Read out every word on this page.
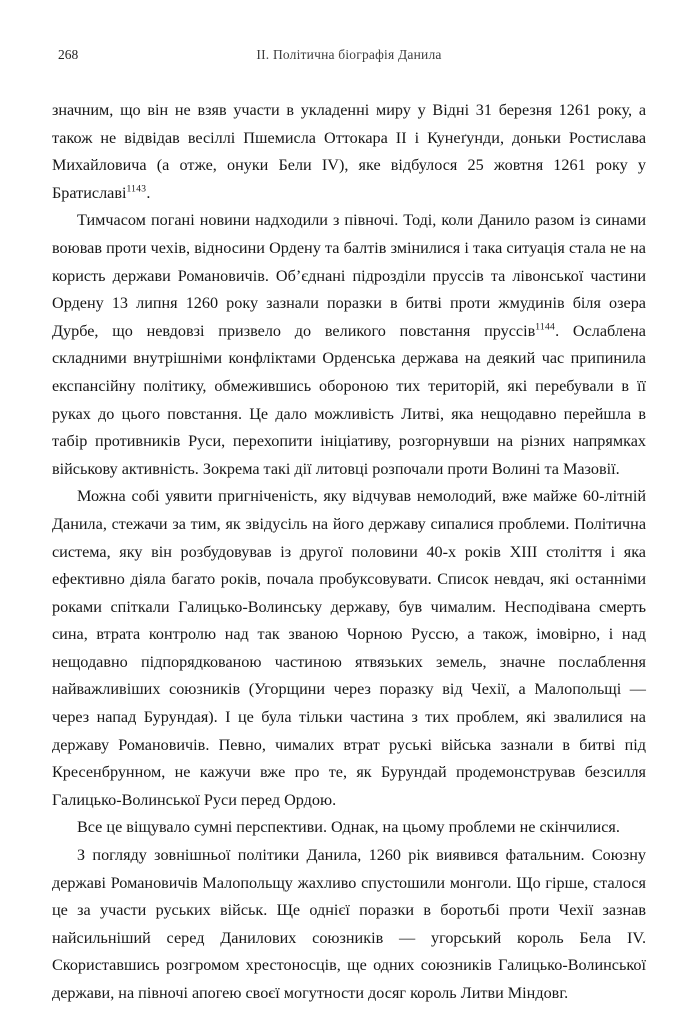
268	ІІ. Політична біографія Данила

значним, що він не взяв участи в укладенні миру у Відні 31 березня 1261 року, а також не відвідав весіллі Пшемисла Оттокара ІІ і Кунеґунди, доньки Ростислава Михайловича (а отже, онуки Бели IV), яке відбулося 25 жовтня 1261 року у Братиславі$^{1143}$.

Тимчасом погані новини надходили з півночі. Тоді, коли Данило разом із синами воював проти чехів, відносини Ордену та балтів змінилися і така ситуація стала не на користь держави Романовичів. Об’єднані підрозділи пруссів та лівонської частини Ордену 13 липня 1260 року зазнали поразки в битві проти жмудинів біля озера Дурбе, що невдовзі призвело до великого повстання пруссів$^{1144}$. Ослаблена складними внутрішніми конфліктами Орденська держава на деякий час припинила експансійну політику, обмежившись обороною тих територій, які перебували в її руках до цього повстання. Це дало можливість Литві, яка нещодавно перейшла в табір противників Руси, перехопити ініціативу, розгорнувши на різних напрямках військову активність. Зокрема такі дії литовці розпочали проти Волині та Мазовії.

Можна собі уявити пригніченість, яку відчував немолодий, вже майже 60-літній Данила, стежачи за тим, як звідусіль на його державу сипалися проблеми. Політична система, яку він розбудовував із другої половини 40-х років ХІІІ століття і яка ефективно діяла багато років, почала пробуксовувати. Список невдач, які останніми роками спіткали Галицько-Волинську державу, був чималим. Несподівана смерть сина, втрата контролю над так званою Чорною Руссю, а також, імовірно, і над нещодавно підпорядкованою частиною ятвязьких земель, значне послаблення найважливіших союзників (Угорщини через поразку від Чехії, а Малопольщі — через напад Бурундая). І це була тільки частина з тих проблем, які звалилися на державу Романовичів. Певно, чималих втрат руські війська зазнали в битві під Кресенбрунном, не кажучи вже про те, як Бурундай продемонстрував безсилля Галицько-Волинської Руси перед Ордою.

Все це віщувало сумні перспективи. Однак, на цьому проблеми не скінчилися.

З погляду зовнішньої політики Данила, 1260 рік виявився фатальним. Союзну державі Романовичів Малопольщу жахливо спустошили монголи. Що гірше, сталося це за участи руських військ. Ще однієї поразки в боротьбі проти Чехії зазнав найсильніший серед Данилових союзників — угорський король Бела IV. Скориставшись розгромом хрестоносців, ще одних союзників Галицько-Волинської держави, на півночі апогею своєї могутности досяг король Литви Міндовг.
